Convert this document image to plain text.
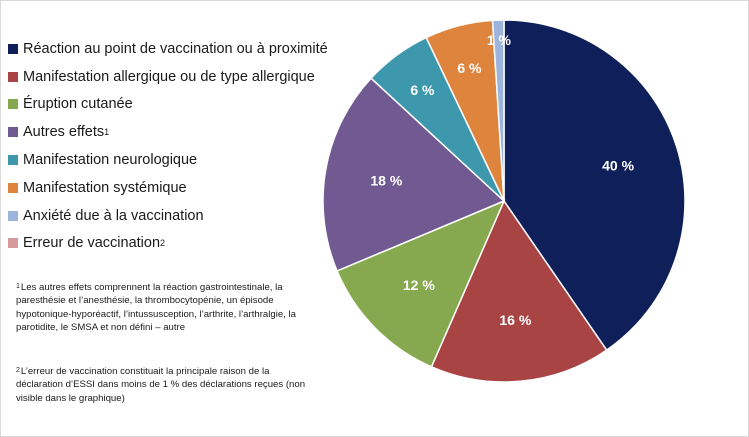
Réaction au point de vaccination ou à proximité
Manifestation allergique ou de type allergique
Éruption cutanée
Autres effets 1
Manifestation neurologique
Manifestation systémique
Anxiété due à la vaccination
Erreur de vaccination 2
$^1$Les autres effets comprennent la réaction gastrointestinale, la paresthésie et l’anesthésie, la thrombocytopénie, un épisode hypotonique-hyporéactif, l’intussusception, l’arthrite, l’arthralgie, la parotidite, le SMSA et non défini – autre
$^2$L’erreur de vaccination constituait la principale raison de la déclaration d’ESSI dans moins de 1 % des déclarations reçues (non visible dans le graphique)
40 %
16 %
12 %
18 %
6 %
6 %
1 %
